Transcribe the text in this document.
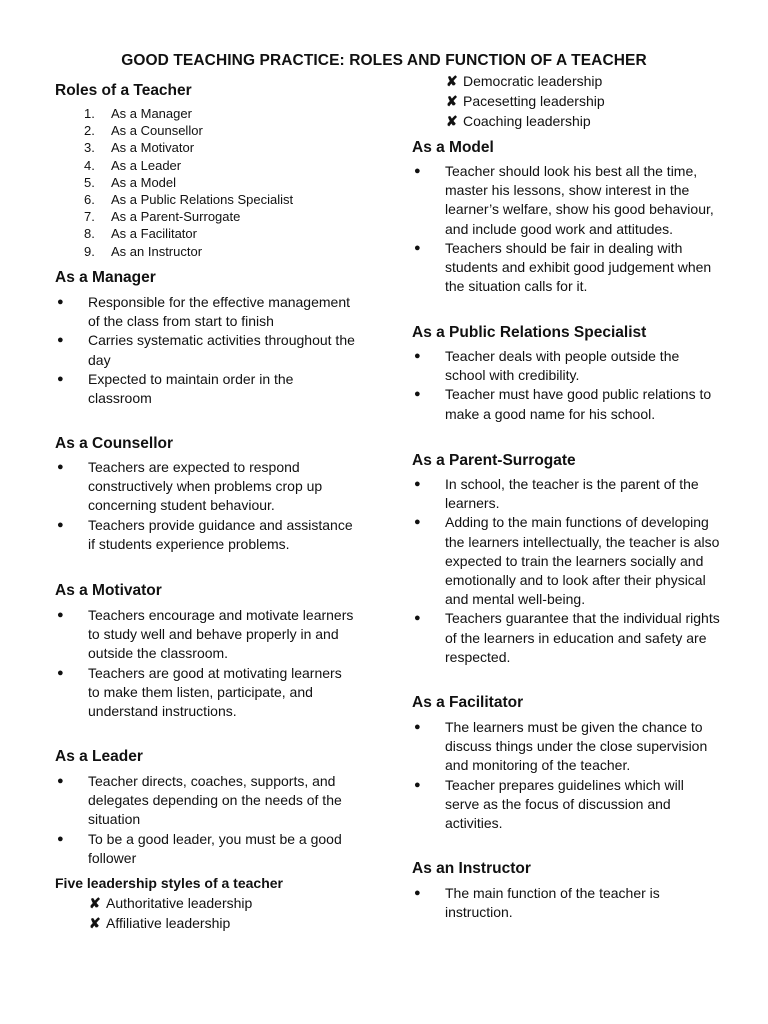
GOOD TEACHING PRACTICE: ROLES AND FUNCTION OF A TEACHER
Roles of a Teacher
1. As a Manager
2. As a Counsellor
3. As a Motivator
4. As a Leader
5. As a Model
6. As a Public Relations Specialist
7. As a Parent-Surrogate
8. As a Facilitator
9. As an Instructor
As a Manager
● Responsible for the effective management of the class from start to finish
● Carries systematic activities throughout the day
● Expected to maintain order in the classroom
As a Counsellor
● Teachers are expected to respond constructively when problems crop up concerning student behaviour.
● Teachers provide guidance and assistance if students experience problems.
As a Motivator
● Teachers encourage and motivate learners to study well and behave properly in and outside the classroom.
● Teachers are good at motivating learners to make them listen, participate, and understand instructions.
As a Leader
● Teacher directs, coaches, supports, and delegates depending on the needs of the situation
● To be a good leader, you must be a good follower
Five leadership styles of a teacher
✘ Authoritative leadership
✘ Affiliative leadership
✘ Democratic leadership
✘ Pacesetting leadership
✘ Coaching leadership
As a Model
● Teacher should look his best all the time, master his lessons, show interest in the learner’s welfare, show his good behaviour, and include good work and attitudes.
● Teachers should be fair in dealing with students and exhibit good judgement when the situation calls for it.
As a Public Relations Specialist
● Teacher deals with people outside the school with credibility.
● Teacher must have good public relations to make a good name for his school.
As a Parent-Surrogate
● In school, the teacher is the parent of the learners.
● Adding to the main functions of developing the learners intellectually, the teacher is also expected to train the learners socially and emotionally and to look after their physical and mental well-being.
● Teachers guarantee that the individual rights of the learners in education and safety are respected.
As a Facilitator
● The learners must be given the chance to discuss things under the close supervision and monitoring of the teacher.
● Teacher prepares guidelines which will serve as the focus of discussion and activities.
As an Instructor
● The main function of the teacher is instruction.
